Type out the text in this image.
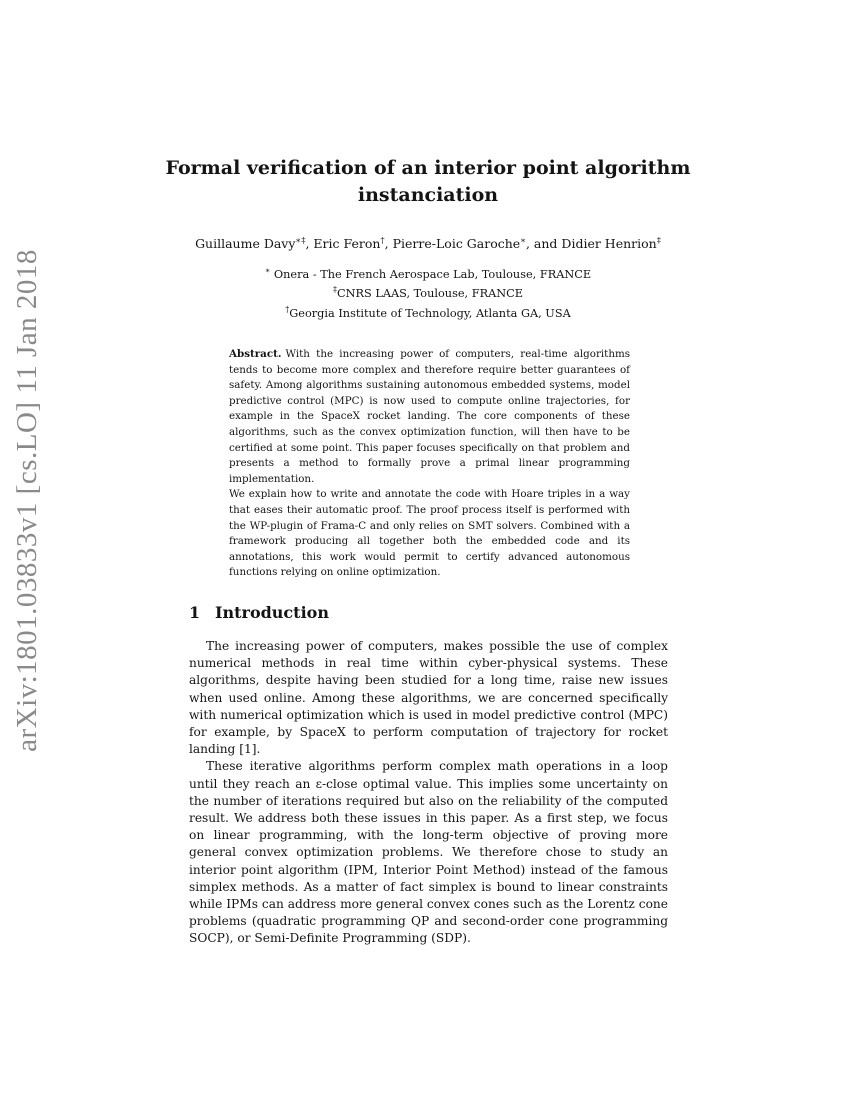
arXiv:1801.03833v1 [cs.LO] 11 Jan 2018
Formal verification of an interior point algorithm
instanciation
Guillaume Davy∗‡, Eric Feron†, Pierre-Loic Garoche∗, and Didier Henrion‡
∗ Onera - The French Aerospace Lab, Toulouse, FRANCE
‡CNRS LAAS, Toulouse, FRANCE
†Georgia Institute of Technology, Atlanta GA, USA

Abstract. With the increasing power of computers, real-time algorithms tends to become more complex and therefore require better guarantees of safety. Among algorithms sustaining autonomous embedded systems, model predictive control (MPC) is now used to compute online trajectories, for example in the SpaceX rocket landing. The core components of these algorithms, such as the convex optimization function, will then have to be certified at some point. This paper focuses specifically on that problem and presents a method to formally prove a primal linear programming implementation.

We explain how to write and annotate the code with Hoare triples in a way that eases their automatic proof. The proof process itself is performed with the WP-plugin of Frama-C and only relies on SMT solvers. Combined with a framework producing all together both the embedded code and its annotations, this work would permit to certify advanced autonomous functions relying on online optimization.

1 Introduction

The increasing power of computers, makes possible the use of complex numerical methods in real time within cyber-physical systems. These algorithms, despite having been studied for a long time, raise new issues when used online. Among these algorithms, we are concerned specifically with numerical optimization which is used in model predictive control (MPC) for example, by SpaceX to perform computation of trajectory for rocket landing [1].

These iterative algorithms perform complex math operations in a loop until they reach an ε-close optimal value. This implies some uncertainty on the number of iterations required but also on the reliability of the computed result. We address both these issues in this paper. As a first step, we focus on linear programming, with the long-term objective of proving more general convex optimization problems. We therefore chose to study an interior point algorithm (IPM, Interior Point Method) instead of the famous simplex methods. As a matter of fact simplex is bound to linear constraints while IPMs can address more general convex cones such as the Lorentz cone problems (quadratic programming QP and second-order cone programming SOCP), or Semi-Definite Programming (SDP).
